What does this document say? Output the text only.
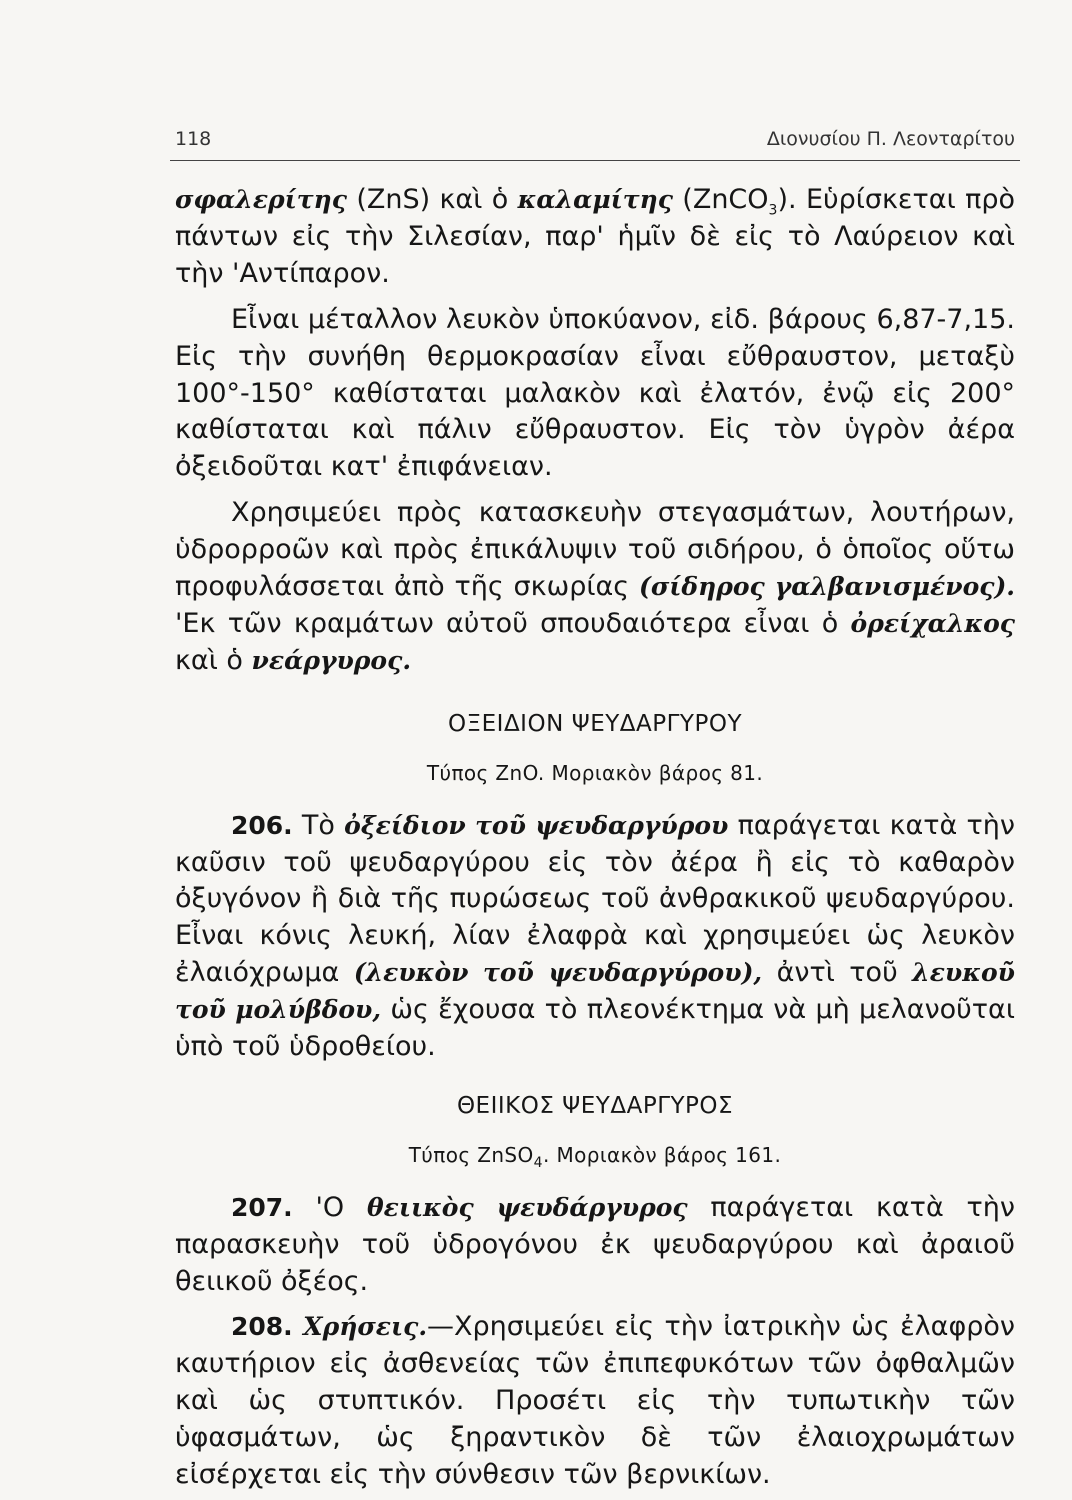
118	Διονυσίου Π. Λεονταρίτου

σφαλερίτης (ZnS) καὶ ὁ καλαμίτης (ZnCO$_3$). Εὑρίσκεται πρὸ πάντων εἰς τὴν Σιλεσίαν, παρ' ἡμῖν δὲ εἰς τὸ Λαύρειον καὶ τὴν 'Αντίπαρον.

Εἶναι μέταλλον λευκὸν ὑποκύανον, εἰδ. βάρους 6,87-7,15. Εἰς τὴν συνήθη θερμοκρασίαν εἶναι εὔθραυστον, μεταξὺ 100°-150° καθίσταται μαλακὸν καὶ ἐλατόν, ἐνῷ εἰς 200° καθίσταται καὶ πάλιν εὔθραυστον. Εἰς τὸν ὑγρὸν ἀέρα ὀξειδοῦται κατ' ἐπιφάνειαν.

Χρησιμεύει πρὸς κατασκευὴν στεγασμάτων, λουτήρων, ὑδρορροῶν καὶ πρὸς ἐπικάλυψιν τοῦ σιδήρου, ὁ ὁποῖος οὕτω προφυλάσσεται ἀπὸ τῆς σκωρίας (σίδηρος γαλβανισμένος). 'Εκ τῶν κραμάτων αὐτοῦ σπουδαιότερα εἶναι ὁ ὀρείχαλκος καὶ ὁ νεάργυρος.

ΟΞΕΙΔΙΟΝ ΨΕΥΔΑΡΓΥΡΟΥ

Τύπος ZnO. Μοριακὸν βάρος 81.

206. Τὸ ὀξείδιον τοῦ ψευδαργύρου παράγεται κατὰ τὴν καῦσιν τοῦ ψευδαργύρου εἰς τὸν ἀέρα ἢ εἰς τὸ καθαρὸν ὀξυγόνον ἢ διὰ τῆς πυρώσεως τοῦ ἀνθρακικοῦ ψευδαργύρου. Εἶναι κόνις λευκή, λίαν ἐλαφρὰ καὶ χρησιμεύει ὡς λευκὸν ἐλαιόχρωμα (λευκὸν τοῦ ψευδαργύρου), ἀντὶ τοῦ λευκοῦ τοῦ μολύβδου, ὡς ἔχουσα τὸ πλεονέκτημα νὰ μὴ μελανοῦται ὑπὸ τοῦ ὑδροθείου.

ΘΕΙΙΚΟΣ ΨΕΥΔΑΡΓΥΡΟΣ

Τύπος ZnSO$_4$. Μοριακὸν βάρος 161.

207. 'Ο θειικὸς ψευδάργυρος παράγεται κατὰ τὴν παρασκευὴν τοῦ ὑδρογόνου ἐκ ψευδαργύρου καὶ ἀραιοῦ θειικοῦ ὀξέος.

208. Χρήσεις.—Χρησιμεύει εἰς τὴν ἰατρικὴν ὡς ἐλαφρὸν καυτήριον εἰς ἀσθενείας τῶν ἐπιπεφυκότων τῶν ὀφθαλμῶν καὶ ὡς στυπτικόν. Προσέτι εἰς τὴν τυπωτικὴν τῶν ὑφασμάτων, ὡς ξηραντικὸν δὲ τῶν ἐλαιοχρωμάτων εἰσέρχεται εἰς τὴν σύνθεσιν τῶν βερνικίων.
